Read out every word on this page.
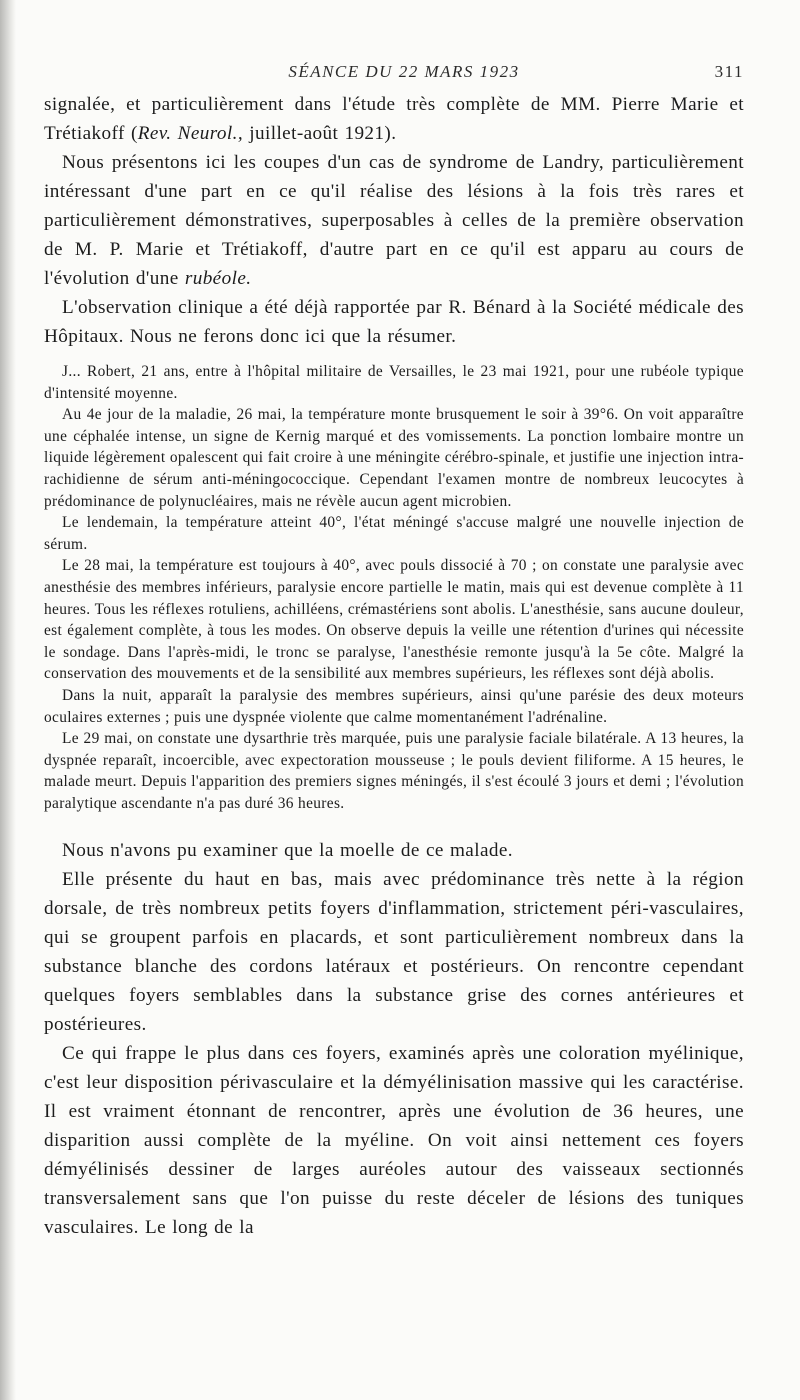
SÉANCE DU 22 MARS 1923	311

signalée, et particulièrement dans l'étude très complète de MM. Pierre Marie et Trétiakoff (Rev. Neurol., juillet-août 1921).

Nous présentons ici les coupes d'un cas de syndrome de Landry, particulièrement intéressant d'une part en ce qu'il réalise des lésions à la fois très rares et particulièrement démonstratives, superposables à celles de la première observation de M. P. Marie et Trétiakoff, d'autre part en ce qu'il est apparu au cours de l'évolution d'une rubéole.

L'observation clinique a été déjà rapportée par R. Bénard à la Société médicale des Hôpitaux. Nous ne ferons donc ici que la résumer.

J... Robert, 21 ans, entre à l'hôpital militaire de Versailles, le 23 mai 1921, pour une rubéole typique d'intensité moyenne.

Au 4e jour de la maladie, 26 mai, la température monte brusquement le soir à 39°6. On voit apparaître une céphalée intense, un signe de Kernig marqué et des vomissements. La ponction lombaire montre un liquide légèrement opalescent qui fait croire à une méningite cérébro-spinale, et justifie une injection intra-rachidienne de sérum anti-méningococcique. Cependant l'examen montre de nombreux leucocytes à prédominance de polynucléaires, mais ne révèle aucun agent microbien.

Le lendemain, la température atteint 40°, l'état méningé s'accuse malgré une nouvelle injection de sérum.

Le 28 mai, la température est toujours à 40°, avec pouls dissocié à 70 ; on constate une paralysie avec anesthésie des membres inférieurs, paralysie encore partielle le matin, mais qui est devenue complète à 11 heures. Tous les réflexes rotuliens, achilléens, crémastériens sont abolis. L'anesthésie, sans aucune douleur, est également complète, à tous les modes. On observe depuis la veille une rétention d'urines qui nécessite le sondage. Dans l'après-midi, le tronc se paralyse, l'anesthésie remonte jusqu'à la 5e côte. Malgré la conservation des mouvements et de la sensibilité aux membres supérieurs, les réflexes sont déjà abolis.

Dans la nuit, apparaît la paralysie des membres supérieurs, ainsi qu'une parésie des deux moteurs oculaires externes ; puis une dyspnée violente que calme momentanément l'adrénaline.

Le 29 mai, on constate une dysarthrie très marquée, puis une paralysie faciale bilatérale. A 13 heures, la dyspnée reparaît, incoercible, avec expectoration mousseuse ; le pouls devient filiforme. A 15 heures, le malade meurt. Depuis l'apparition des premiers signes méningés, il s'est écoulé 3 jours et demi ; l'évolution paralytique ascendante n'a pas duré 36 heures.

Nous n'avons pu examiner que la moelle de ce malade.

Elle présente du haut en bas, mais avec prédominance très nette à la région dorsale, de très nombreux petits foyers d'inflammation, strictement péri-vasculaires, qui se groupent parfois en placards, et sont particulièrement nombreux dans la substance blanche des cordons latéraux et postérieurs. On rencontre cependant quelques foyers semblables dans la substance grise des cornes antérieures et postérieures.

Ce qui frappe le plus dans ces foyers, examinés après une coloration myélinique, c'est leur disposition périvasculaire et la démyélinisation massive qui les caractérise. Il est vraiment étonnant de rencontrer, après une évolution de 36 heures, une disparition aussi complète de la myéline. On voit ainsi nettement ces foyers démyélinisés dessiner de larges auréoles autour des vaisseaux sectionnés transversalement sans que l'on puisse du reste déceler de lésions des tuniques vasculaires. Le long de la
